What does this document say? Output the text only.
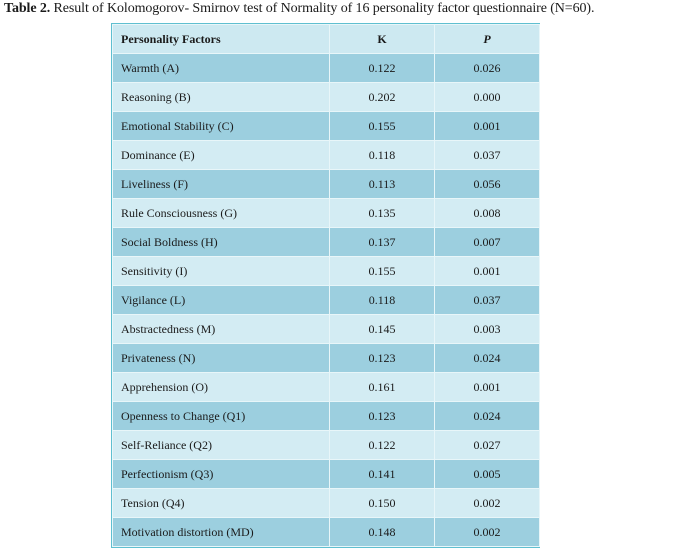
Table 2. Result of Kolomogorov- Smirnov test of Normality of 16 personality factor questionnaire (N=60).
Personality Factors	K	P
Warmth (A)	0.122	0.026
Reasoning (B)	0.202	0.000
Emotional Stability (C)	0.155	0.001
Dominance (E)	0.118	0.037
Liveliness (F)	0.113	0.056
Rule Consciousness (G)	0.135	0.008
Social Boldness (H)	0.137	0.007
Sensitivity (I)	0.155	0.001
Vigilance (L)	0.118	0.037
Abstractedness (M)	0.145	0.003
Privateness (N)	0.123	0.024
Apprehension (O)	0.161	0.001
Openness to Change (Q1)	0.123	0.024
Self-Reliance (Q2)	0.122	0.027
Perfectionism (Q3)	0.141	0.005
Tension (Q4)	0.150	0.002
Motivation distortion (MD)	0.148	0.002
